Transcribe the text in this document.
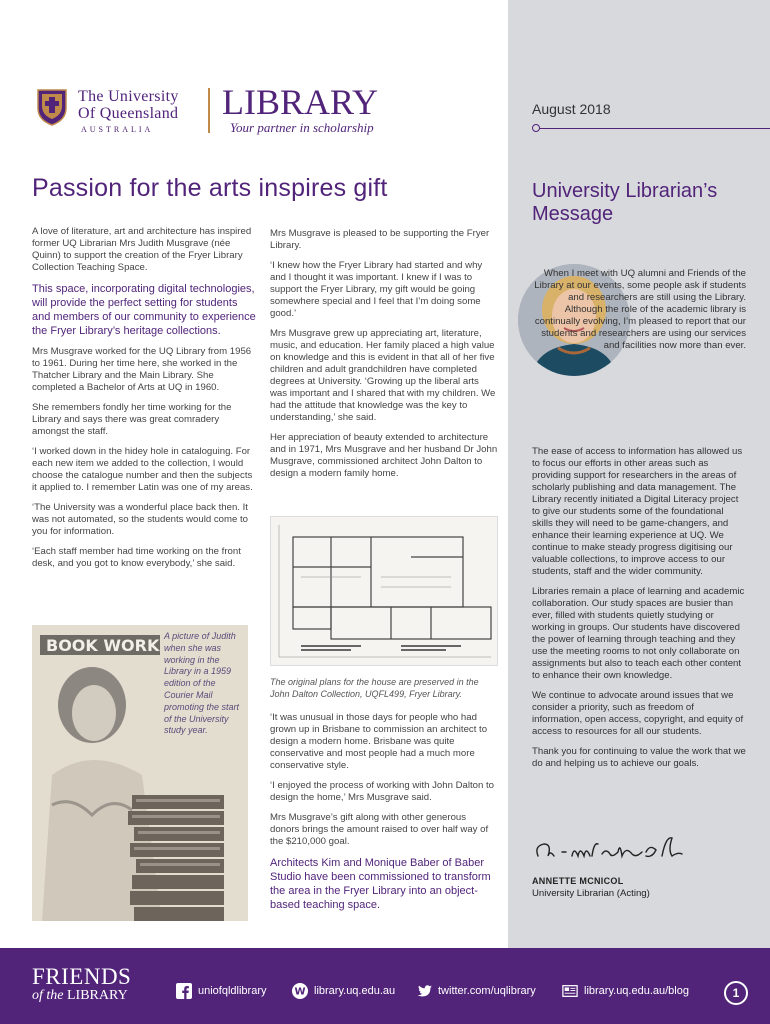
The University
Of Queensland
AUSTRALIA
LIBRARY
Your partner in scholarship
August 2018
Passion for the arts inspires gift

A love of literature, art and architecture has inspired former UQ Librarian Mrs Judith Musgrave (née Quinn) to support the creation of the Fryer Library Collection Teaching Space.

This space, incorporating digital technologies, will provide the perfect setting for students and members of our community to experience the Fryer Library’s heritage collections.

Mrs Musgrave worked for the UQ Library from 1956 to 1961. During her time here, she worked in the Thatcher Library and the Main Library. She completed a Bachelor of Arts at UQ in 1960.

She remembers fondly her time working for the Library and says there was great comradery amongst the staff.

‘I worked down in the hidey hole in cataloguing. For each new item we added to the collection, I would choose the catalogue number and then the subjects it applied to. I remember Latin was one of my areas.

‘The University was a wonderful place back then. It was not automated, so the students would come to you for information.

‘Each staff member had time working on the front desk, and you got to know everybody,’ she said.

BOOK WORK A picture of Judith when she was working in the Library in a 1959 edition of the Courier Mail promoting the start of the University study year.

Mrs Musgrave is pleased to be supporting the Fryer Library.

‘I knew how the Fryer Library had started and why and I thought it was important. I knew if I was to support the Fryer Library, my gift would be going somewhere special and I feel that I’m doing some good.’

Mrs Musgrave grew up appreciating art, literature, music, and education. Her family placed a high value on knowledge and this is evident in that all of her five children and adult grandchildren have completed degrees at University. ‘Growing up the liberal arts was important and I shared that with my children. We had the attitude that knowledge was the key to understanding,’ she said.

Her appreciation of beauty extended to architecture and in 1971, Mrs Musgrave and her husband Dr John Musgrave, commissioned architect John Dalton to design a modern family home.

The original plans for the house are preserved in the John Dalton Collection, UQFL499, Fryer Library.

‘It was unusual in those days for people who had grown up in Brisbane to commission an architect to design a modern home. Brisbane was quite conservative and most people had a much more conservative style.

‘I enjoyed the process of working with John Dalton to design the home,’ Mrs Musgrave said.

Mrs Musgrave’s gift along with other generous donors brings the amount raised to over half way of the $210,000 goal.

Architects Kim and Monique Baber of Baber Studio have been commissioned to transform the area in the Fryer Library into an object-based teaching space.

University Librarian’s Message
When I meet with UQ alumni and Friends of the Library at our events, some people ask if students and researchers are still using the Library. Although the role of the academic library is continually evolving, I’m pleased to report that our students and researchers are using our services and facilities now more than ever.

The ease of access to information has allowed us to focus our efforts in other areas such as providing support for researchers in the areas of scholarly publishing and data management. The Library recently initiated a Digital Literacy project to give our students some of the foundational skills they will need to be game-changers, and enhance their learning experience at UQ. We continue to make steady progress digitising our valuable collections, to improve access to our students, staff and the wider community.

Libraries remain a place of learning and academic collaboration. Our study spaces are busier than ever, filled with students quietly studying or working in groups. Our students have discovered the power of learning through teaching and they use the meeting rooms to not only collaborate on assignments but also to teach each other content to enhance their own knowledge.

We continue to advocate around issues that we consider a priority, such as freedom of information, open access, copyright, and equity of access to resources for all our students.

Thank you for continuing to value the work that we do and helping us to achieve our goals.

ANNETTE MCNICOL
University Librarian (Acting)
FRIENDS
of the LIBRARY	uniofqldlibrary	W library.uq.edu.au	twitter.com/uqlibrary	library.uq.edu.au/blog	1
